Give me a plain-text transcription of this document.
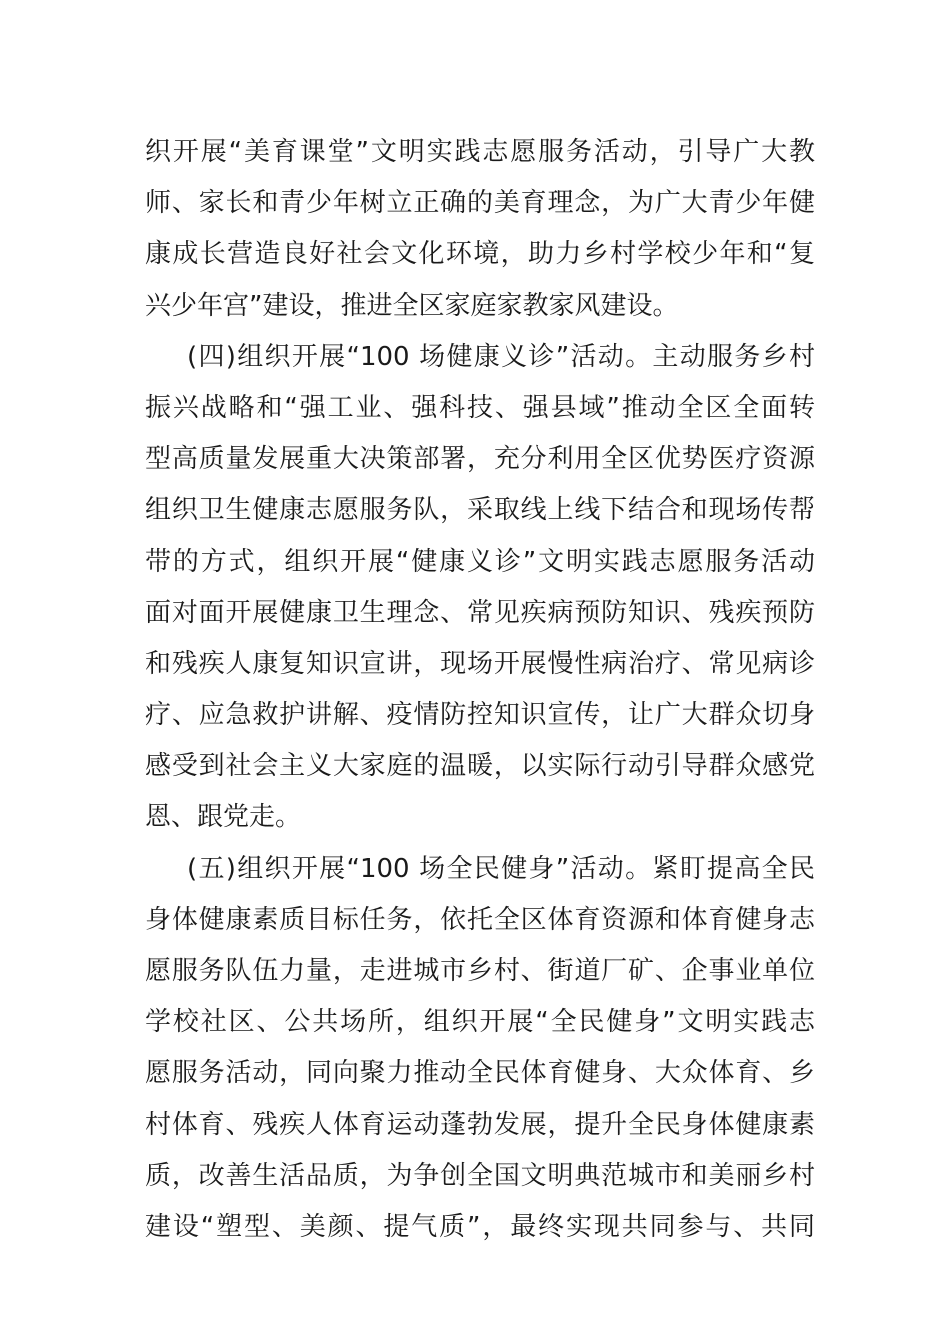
织开展“美育课堂”文明实践志愿服务活动，引导广大教
师、家长和青少年树立正确的美育理念，为广大青少年健
康成长营造良好社会文化环境，助力乡村学校少年和“复
兴少年宫”建设，推进全区家庭家教家风建设。
(四)组织开展“100 场健康义诊”活动。主动服务乡村
振兴战略和“强工业、强科技、强县域”推动全区全面转
型高质量发展重大决策部署，充分利用全区优势医疗资源
组织卫生健康志愿服务队，采取线上线下结合和现场传帮
带的方式，组织开展“健康义诊”文明实践志愿服务活动
面对面开展健康卫生理念、常见疾病预防知识、残疾预防
和残疾人康复知识宣讲，现场开展慢性病治疗、常见病诊
疗、应急救护讲解、疫情防控知识宣传，让广大群众切身
感受到社会主义大家庭的温暖，以实际行动引导群众感党
恩、跟党走。
(五)组织开展“100 场全民健身”活动。紧盯提高全民
身体健康素质目标任务，依托全区体育资源和体育健身志
愿服务队伍力量，走进城市乡村、街道厂矿、企事业单位
学校社区、公共场所，组织开展“全民健身”文明实践志
愿服务活动，同向聚力推动全民体育健身、大众体育、乡
村体育、残疾人体育运动蓬勃发展，提升全民身体健康素
质，改善生活品质，为争创全国文明典范城市和美丽乡村
建设“塑型、美颜、提气质”，最终实现共同参与、共同
